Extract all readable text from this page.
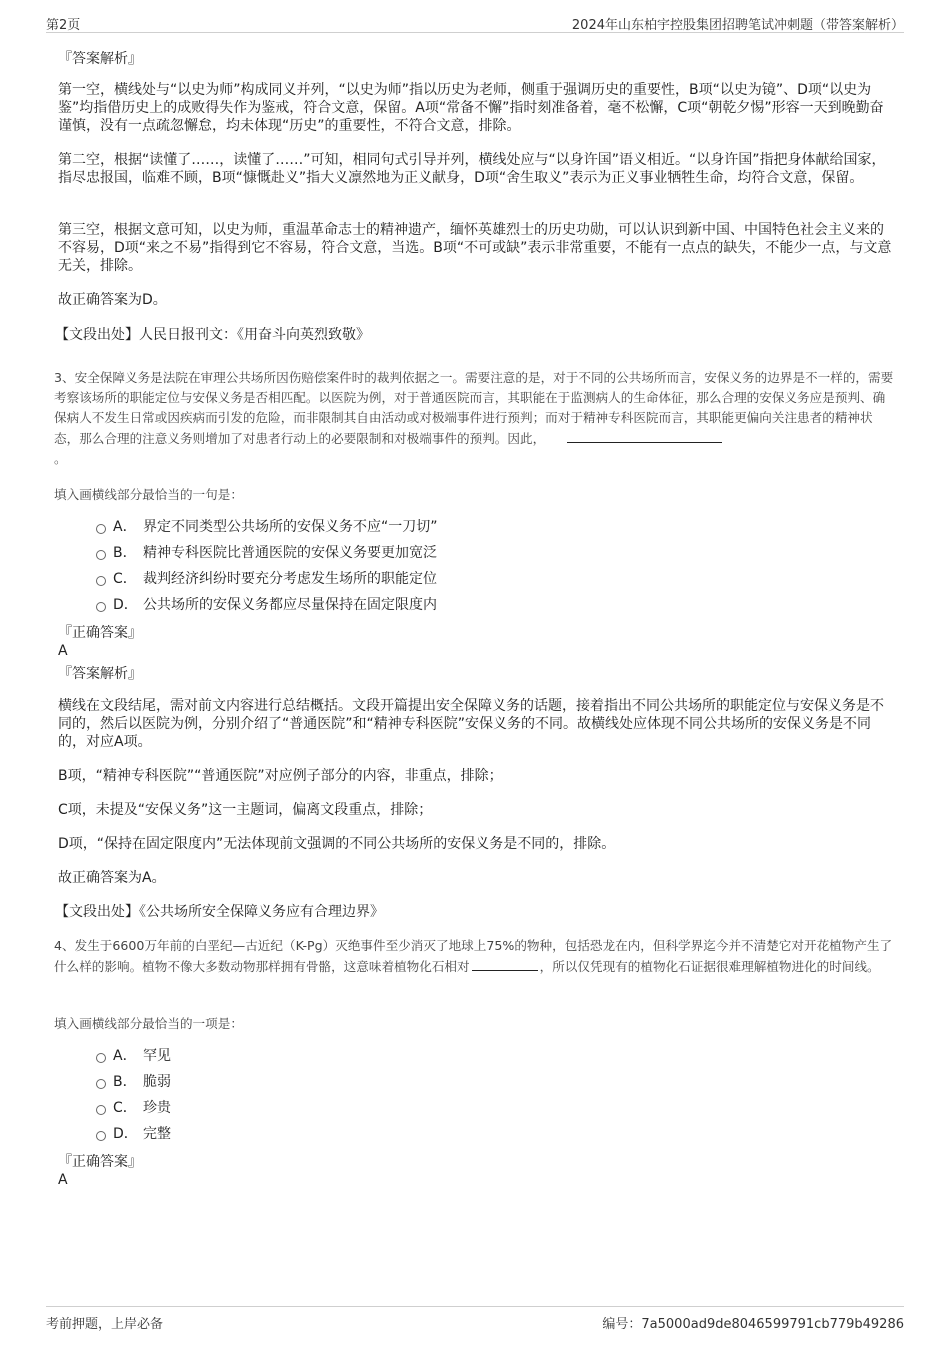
第2页	2024年山东柏宇控股集团招聘笔试冲刺题（带答案解析）
『答案解析』
第一空，横线处与“以史为师”构成同义并列，“以史为师”指以历史为老师，侧重于强调历史的重要性，B项“以史为镜”、D项“以史为鉴”均指借历史上的成败得失作为鉴戒，符合文意，保留。A项“常备不懈”指时刻准备着，毫不松懈，C项“朝乾夕惕”形容一天到晚勤奋谨慎，没有一点疏忽懈怠，均未体现“历史”的重要性，不符合文意，排除。
第二空，根据“读懂了……，读懂了……”可知，相同句式引导并列，横线处应与“以身许国”语义相近。“以身许国”指把身体献给国家，指尽忠报国，临难不顾，B项“慷慨赴义”指大义凛然地为正义献身，D项“舍生取义”表示为正义事业牺牲生命，均符合文意，保留。
第三空，根据文意可知，以史为师，重温革命志士的精神遗产，缅怀英雄烈士的历史功勋，可以认识到新中国、中国特色社会主义来的不容易，D项“来之不易”指得到它不容易，符合文意，当选。B项“不可或缺”表示非常重要，不能有一点点的缺失，不能少一点，与文意无关，排除。
故正确答案为D。
【文段出处】人民日报刊文：《用奋斗向英烈致敬》
3、安全保障义务是法院在审理公共场所因伤赔偿案件时的裁判依据之一。需要注意的是，对于不同的公共场所而言，安保义务的边界是不一样的，需要考察该场所的职能定位与安保义务是否相匹配。以医院为例，对于普通医院而言，其职能在于监测病人的生命体征，那么合理的安保义务应是预判、确保病人不发生日常或因疾病而引发的危险，而非限制其自由活动或对极端事件进行预判；而对于精神专科医院而言，其职能更偏向关注患者的精神状态，那么合理的注意义务则增加了对患者行动上的必要限制和对极端事件的预判。因此，
。
填入画横线部分最恰当的一句是：
A． 界定不同类型公共场所的安保义务不应“一刀切”
B． 精神专科医院比普通医院的安保义务要更加宽泛
C． 裁判经济纠纷时要充分考虑发生场所的职能定位
D． 公共场所的安保义务都应尽量保持在固定限度内
『正确答案』
A
『答案解析』
横线在文段结尾，需对前文内容进行总结概括。文段开篇提出安全保障义务的话题，接着指出不同公共场所的职能定位与安保义务是不同的，然后以医院为例，分别介绍了“普通医院”和“精神专科医院”安保义务的不同。故横线处应体现不同公共场所的安保义务是不同的，对应A项。
B项，“精神专科医院”“普通医院”对应例子部分的内容，非重点，排除；
C项，未提及“安保义务”这一主题词，偏离文段重点，排除；
D项，“保持在固定限度内”无法体现前文强调的不同公共场所的安保义务是不同的，排除。
故正确答案为A。
【文段出处】《公共场所安全保障义务应有合理边界》
4、发生于6600万年前的白垩纪—古近纪（K-Pg）灭绝事件至少消灭了地球上75%的物种，包括恐龙在内，但科学界迄今并不清楚它对开花植物产生了什么样的影响。植物不像大多数动物那样拥有骨骼，这意味着植物化石相对	，所以仅凭现有的植物化石证据很难理解植物进化的时间线。
填入画横线部分最恰当的一项是：
A． 罕见
B． 脆弱
C． 珍贵
D． 完整
『正确答案』
A
考前押题，上岸必备	编号：7a5000ad9de8046599791cb779b49286
